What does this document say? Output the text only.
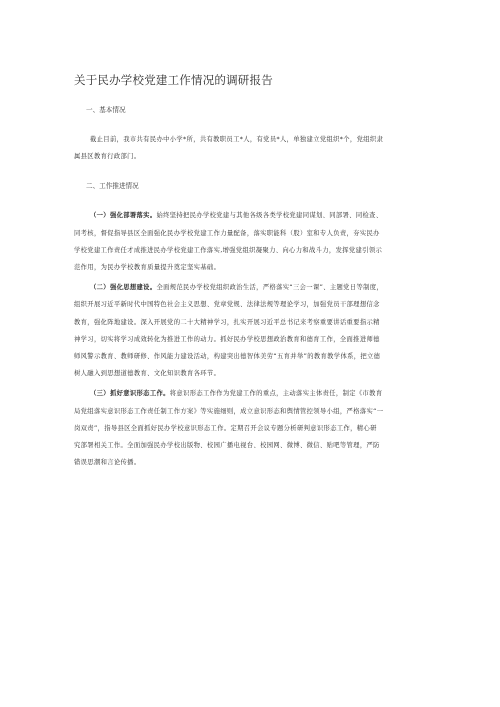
关于民办学校党建工作情况的调研报告
一、基本情况
截止目前，我市共有民办中小学*所，共有教职员工*人，有党员*人，单独建立党组织*个，党组织隶
属县区教育行政部门。
二、工作推进情况
（一）强化部署落实。始终坚持把民办学校党建与其他各级各类学校党建同谋划、同部署、同检查、
同考核，督促指导县区全面强化民办学校党建工作力量配备，落实职能科（股）室和专人负责，夯实民办
学校党建工作责任才成推进民办学校党建工作落实,增强党组织凝聚力、向心力和战斗力，发挥党建引领示
范作用，为民办学校教育质量提升奠定坚实基础。
（二）强化思想建设。全面规范民办学校党组织政治生活，严格落实“三会一课”、主题党日等制度，
组织开展习近平新时代中国特色社会主义思想、党章党规、法律法规等理论学习，加强党员干部理想信念
教育，强化阵地建设。深入开展党的二十大精神学习，扎实开展习近平总书记来考察重要讲话重要指示精
神学习，切实将学习成效转化为推进工作的动力。抓好民办学校思想政治教育和德育工作，全面推进师德
师风警示教育、教师研修、作风能力建设活动，构建突出德智体美劳“五育并举”的教育教学体系，把立德
树人融入到思想道德教育、文化知识教育各环节。
（三）抓好意识形态工作。将意识形态工作作为党建工作的重点，主动落实主体责任，制定《市教育
局党组落实意识形态工作责任制工作方案》等实施细则，成立意识形态和舆情管控领导小组，严格落实“一
岗双责”，指导县区全面抓好民办学校意识形态工作。定期召开会议专题分析研判意识形态工作，精心研
究部署相关工作。全面加强民办学校出版物、校园广播电视台、校园网、微博、微信、贴吧等管理，严防
错误思潮和言论传播。
